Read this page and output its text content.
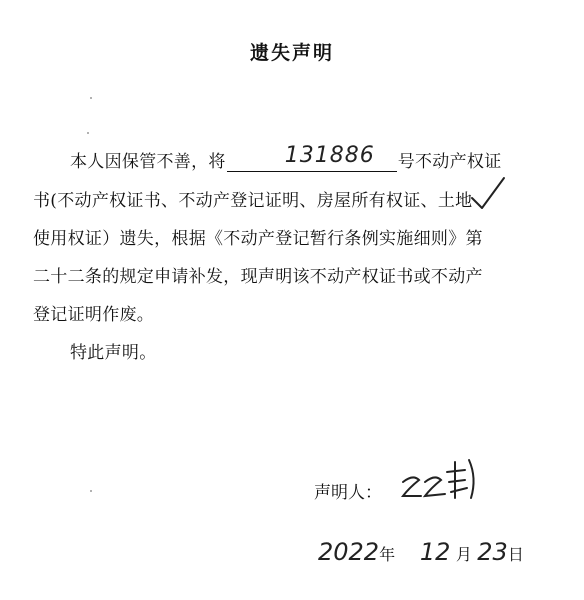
遗失声明
本人因保管不善，将	131886 号不动产权证
书(不动产权证书、不动产登记证明、房屋所有权证、土地
使用权证）遗失，根据《不动产登记暂行条例实施细则》第
二十二条的规定申请补发，现声明该不动产权证书或不动产
登记证明作废。
特此声明。
声明人：
2022年 12 月 23日
